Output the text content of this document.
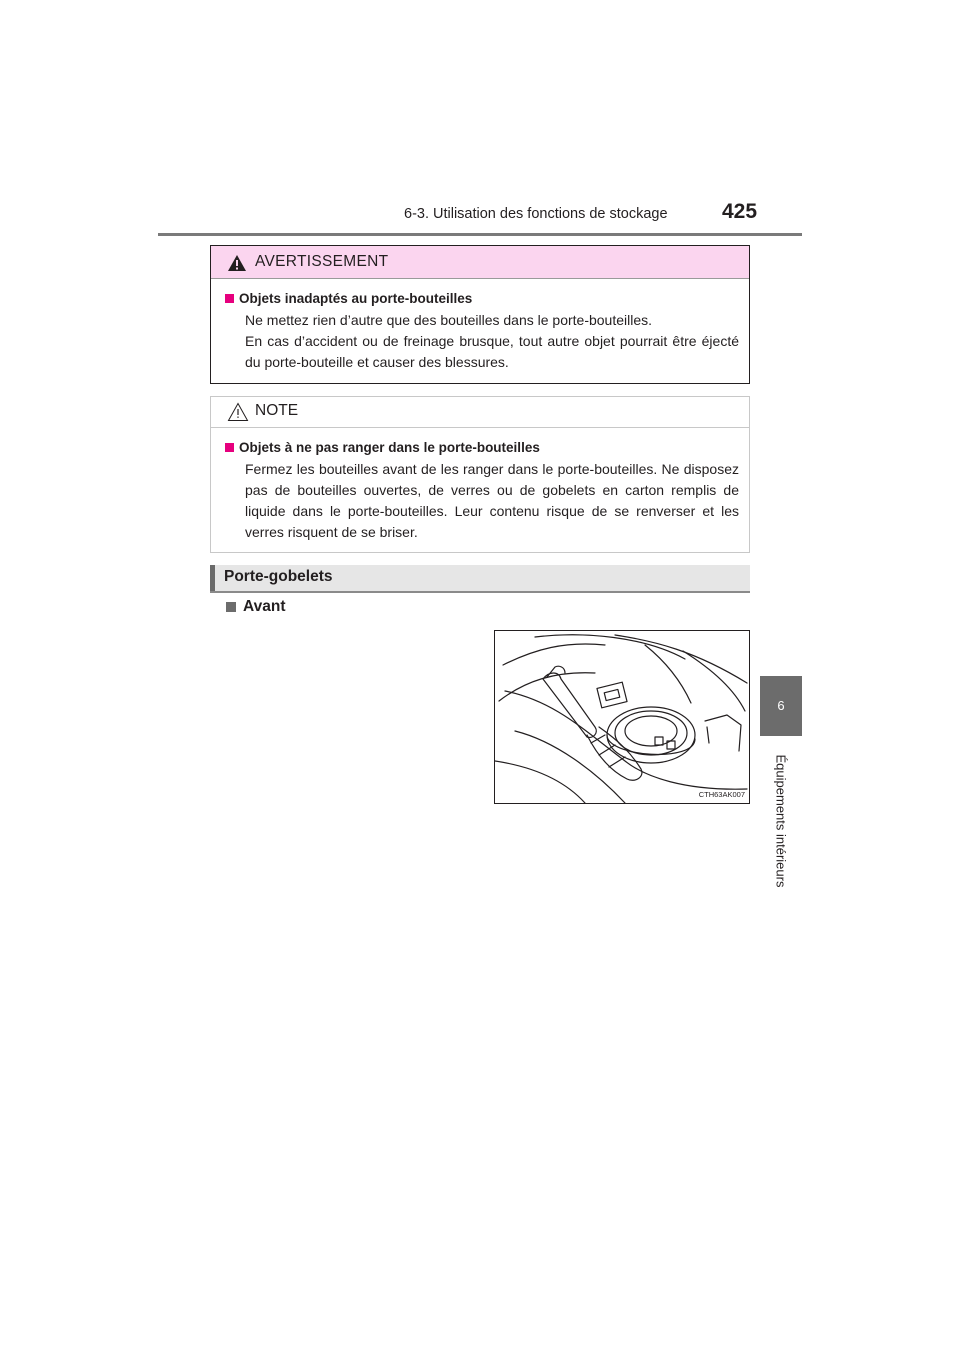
6-3. Utilisation des fonctions de stockage	425
6
Équipements intérieurs
AVERTISSEMENT
Objets inadaptés au porte-bouteilles

Ne mettez rien d’autre que des bouteilles dans le porte-bouteilles.

En cas d’accident ou de freinage brusque, tout autre objet pourrait être éjecté du porte-bouteille et causer des blessures.

NOTE
Objets à ne pas ranger dans le porte-bouteilles

Fermez les bouteilles avant de les ranger dans le porte-bouteilles. Ne disposez pas de bouteilles ouvertes, de verres ou de gobelets en carton remplis de liquide dans le porte-bouteilles. Leur contenu risque de se renverser et les verres risquent de se briser.

Porte-gobelets
Avant
CTH63AK007
